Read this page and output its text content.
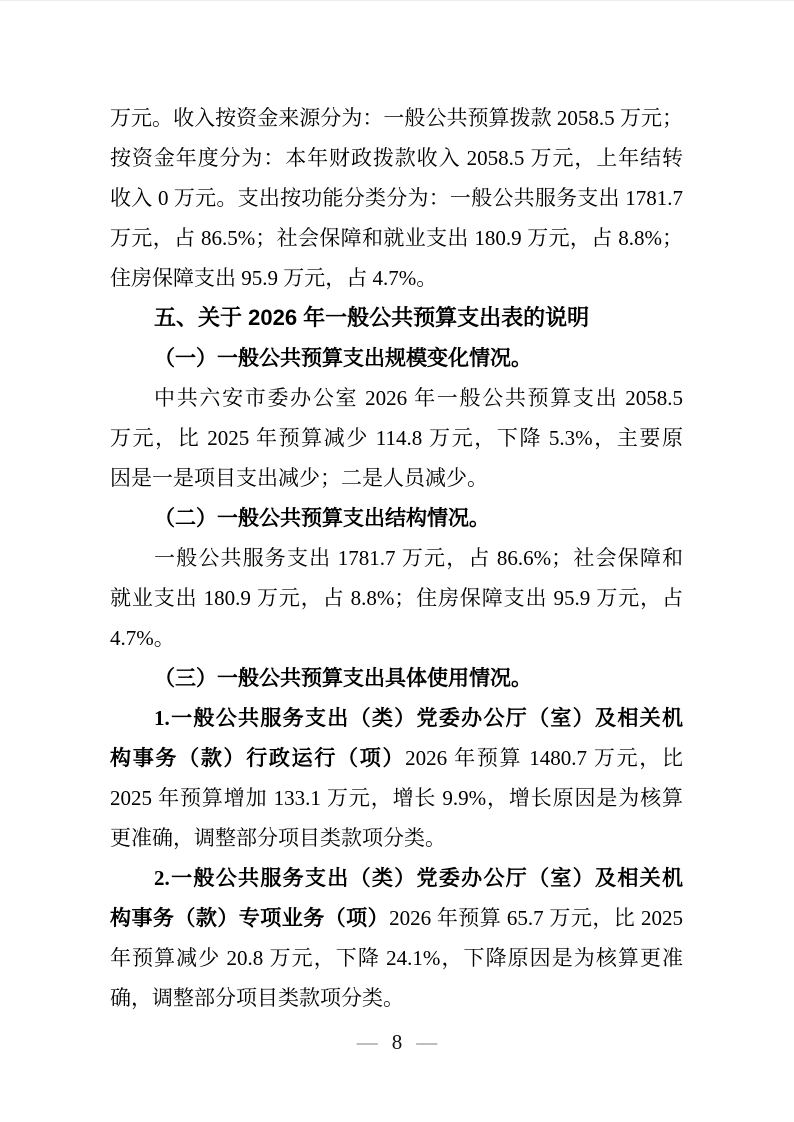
万元。收入按资金来源分为：一般公共预算拨款 2058.5 万元；
按资金年度分为：本年财政拨款收入 2058.5 万元，上年结转
收入 0 万元。支出按功能分类分为：一般公共服务支出 1781.7
万元，占 86.5%；社会保障和就业支出 180.9 万元，占 8.8%；
住房保障支出 95.9 万元，占 4.7%。
五、关于 2026 年一般公共预算支出表的说明
（一）一般公共预算支出规模变化情况。
中共六安市委办公室 2026 年一般公共预算支出 2058.5
万元，比 2025 年预算减少 114.8 万元，下降 5.3%，主要原
因是一是项目支出减少；二是人员减少。
（二）一般公共预算支出结构情况。
一般公共服务支出 1781.7 万元，占 86.6%；社会保障和
就业支出 180.9 万元，占 8.8%；住房保障支出 95.9 万元，占
4.7%。
（三）一般公共预算支出具体使用情况。
1.一般公共服务支出（类）党委办公厅（室）及相关机
构事务（款）行政运行（项）2026 年预算 1480.7 万元，比
2025 年预算增加 133.1 万元，增长 9.9%，增长原因是为核算
更准确，调整部分项目类款项分类。
2.一般公共服务支出（类）党委办公厅（室）及相关机
构事务（款）专项业务（项）2026 年预算 65.7 万元，比 2025
年预算减少 20.8 万元，下降 24.1%，下降原因是为核算更准
确，调整部分项目类款项分类。
— 8 —
